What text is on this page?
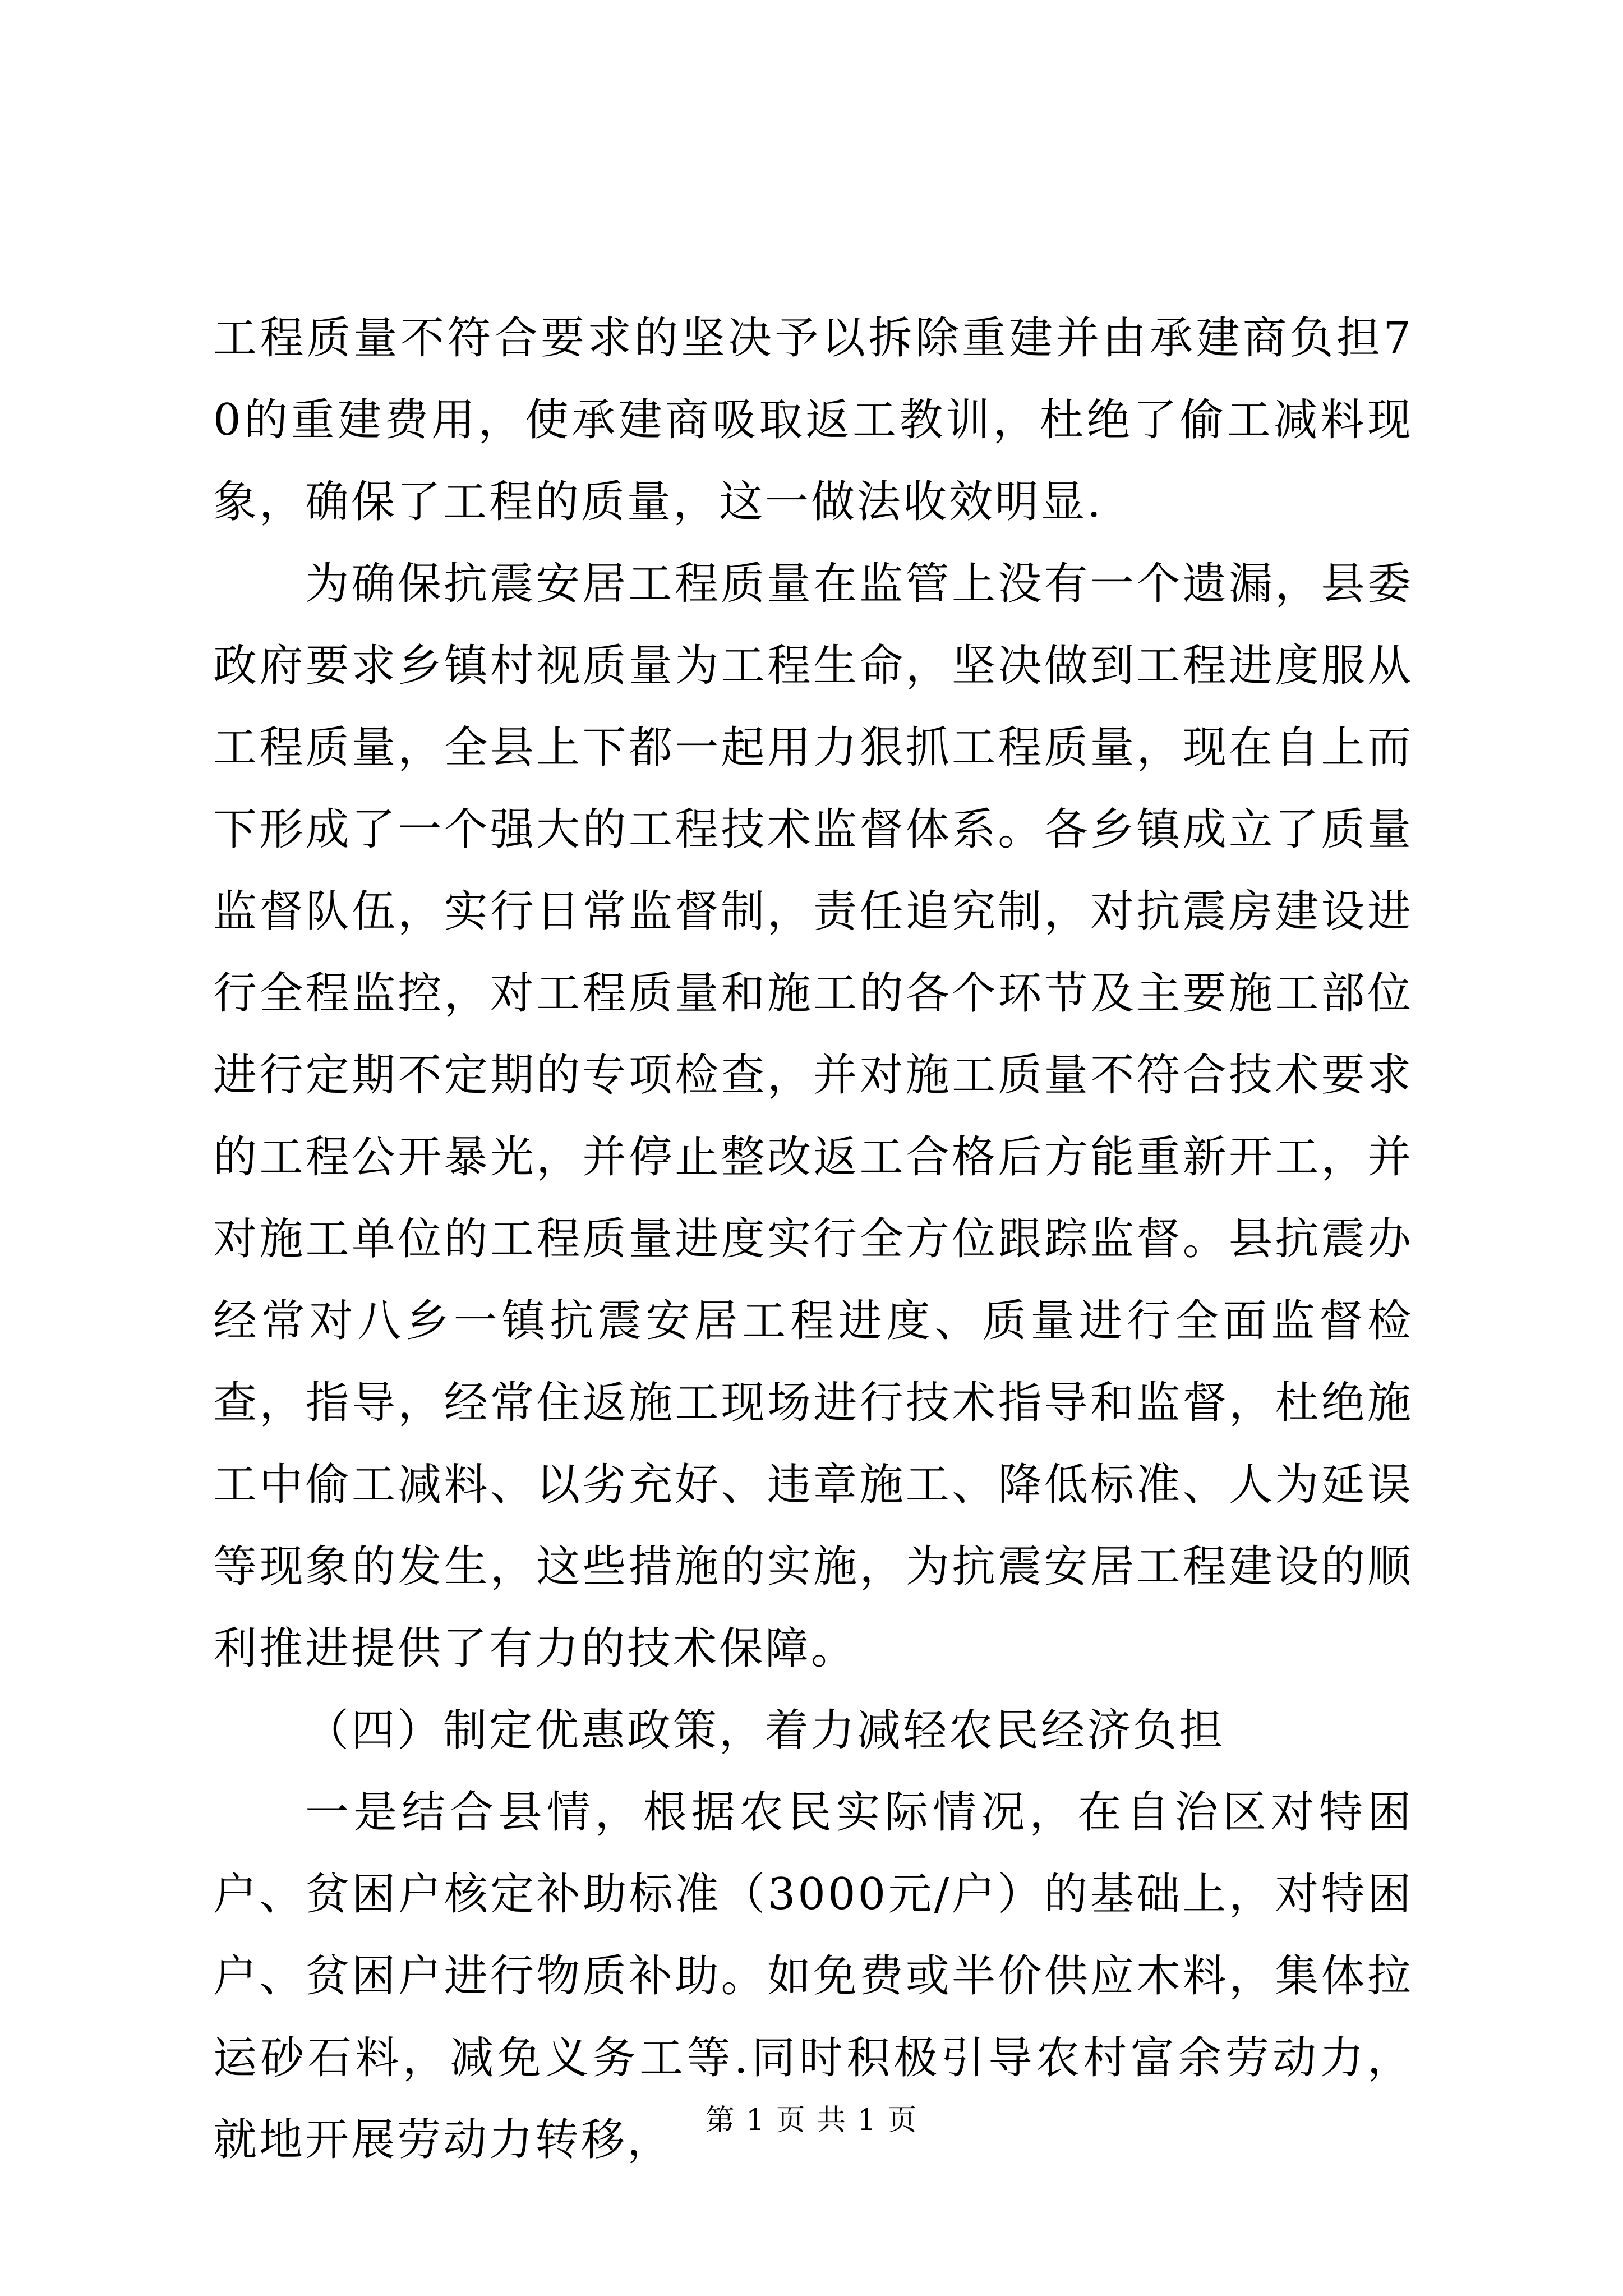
工程质量不符合要求的坚决予以拆除重建并由承建商负担70的重建费用，使承建商吸取返工教训，杜绝了偷工减料现象，确保了工程的质量，这一做法收效明显.

为确保抗震安居工程质量在监管上没有一个遗漏，县委政府要求乡镇村视质量为工程生命，坚决做到工程进度服从工程质量，全县上下都一起用力狠抓工程质量，现在自上而下形成了一个强大的工程技术监督体系。各乡镇成立了质量监督队伍，实行日常监督制，责任追究制，对抗震房建设进行全程监控，对工程质量和施工的各个环节及主要施工部位进行定期不定期的专项检查，并对施工质量不符合技术要求的工程公开暴光，并停止整改返工合格后方能重新开工，并对施工单位的工程质量进度实行全方位跟踪监督。县抗震办经常对八乡一镇抗震安居工程进度、质量进行全面监督检查，指导，经常住返施工现场进行技术指导和监督，杜绝施工中偷工减料、以劣充好、违章施工、降低标准、人为延误等现象的发生，这些措施的实施，为抗震安居工程建设的顺利推进提供了有力的技术保障。

（四）制定优惠政策，着力减轻农民经济负担

一是结合县情，根据农民实际情况，在自治区对特困户、贫困户核定补助标准（3000元/户）的基础上，对特困户、贫困户进行物质补助。如免费或半价供应木料，集体拉运砂石料，减免义务工等.同时积极引导农村富余劳动力，就地开展劳动力转移，	第 1 页 共 1 页
